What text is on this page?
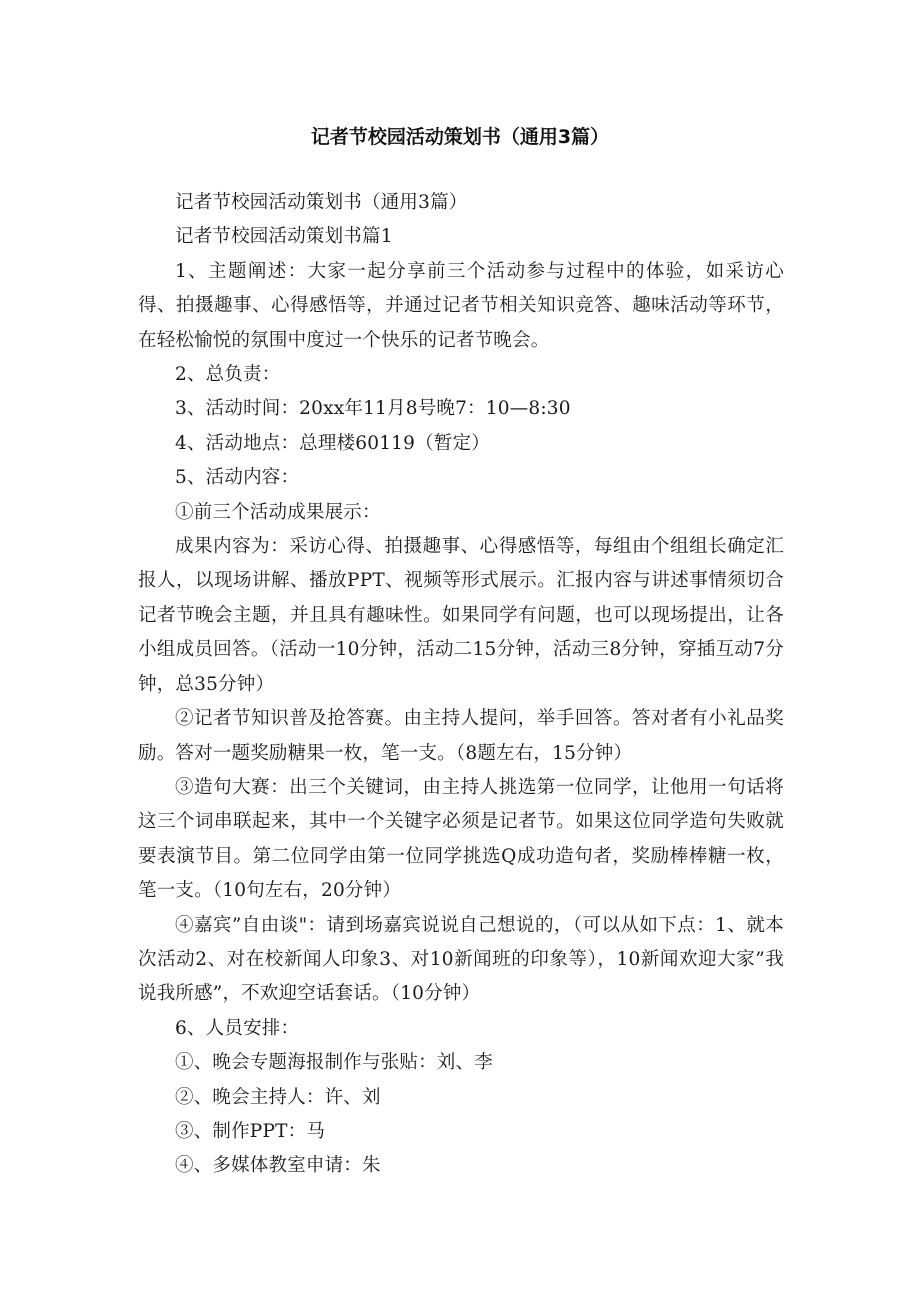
记者节校园活动策划书（通用3篇）

记者节校园活动策划书（通用3篇）

记者节校园活动策划书篇1

1、主题阐述：大家一起分享前三个活动参与过程中的体验，如采访心得、拍摄趣事、心得感悟等，并通过记者节相关知识竞答、趣味活动等环节，在轻松愉悦的氛围中度过一个快乐的记者节晚会。

2、总负责：

3、活动时间：20xx年11月8号晚7：10—8:30

4、活动地点：总理楼60119（暂定）

5、活动内容：

①前三个活动成果展示：

成果内容为：采访心得、拍摄趣事、心得感悟等，每组由个组组长确定汇报人，以现场讲解、播放PPT、视频等形式展示。汇报内容与讲述事情须切合记者节晚会主题，并且具有趣味性。如果同学有问题，也可以现场提出，让各小组成员回答。（活动一10分钟，活动二15分钟，活动三8分钟，穿插互动7分钟，总35分钟）

②记者节知识普及抢答赛。由主持人提问，举手回答。答对者有小礼品奖励。答对一题奖励糖果一枚，笔一支。（8题左右，15分钟）

③造句大赛：出三个关键词，由主持人挑选第一位同学，让他用一句话将这三个词串联起来，其中一个关键字必须是记者节。如果这位同学造句失败就要表演节目。第二位同学由第一位同学挑选Q成功造句者，奖励棒棒糖一枚，笔一支。（10句左右，20分钟）

④嘉宾”自由谈"：请到场嘉宾说说自己想说的，（可以从如下点：1、就本次活动2、对在校新闻人印象3、对10新闻班的印象等），10新闻欢迎大家”我说我所感”，不欢迎空话套话。（10分钟）

6、人员安排：

①、晚会专题海报制作与张贴：刘、李

②、晚会主持人：许、刘

③、制作PPT：马

④、多媒体教室申请：朱
